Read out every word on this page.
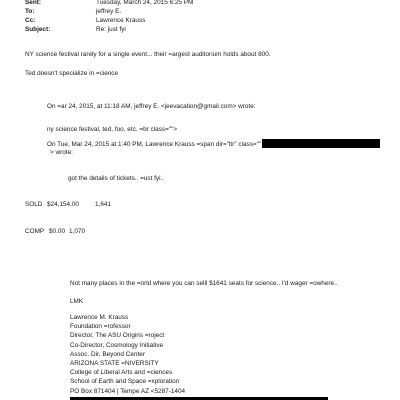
Sent:	Tuesday, March 24, 2015 6:25 PM
To:	jeffrey E.
Cc:	Lawrence Krauss
Subject:	Re: just fyi
NY science festival rarely for a single event... their =argest auditorium holds about 800.
Ted doesn't specialize in =cience
On =ar 24, 2015, at 11:18 AM, jeffrey E. <jeevacation@gmail.com> wrote:
ny science festival, ted, foo, etc. =br class="">
On Tue, Mar 24, 2015 at 1:40 PM, Lawrence Krauss =span dir="ltr" class=""
> wrote:
got the details of tickets.. =ust fyi..
SOLD $24,154.00	1,641
COMP $0.00 1,070
Not many places in the =orld where you can selll $1641 seats for science.. I'd wager =owhere..
LMK
Lawrence M. Krauss
Foundation =rofessor
Director, The ASU Origins =roject
Co-Director, Cosmology Initiative
Assoc. Dir, Beyond Center
ARIZONA STATE =NIVERSITY
College of Liberal Arts and =ciences
School of Earth and Space =xploration
PO Box 871404 | Tempe AZ <5287-1404
